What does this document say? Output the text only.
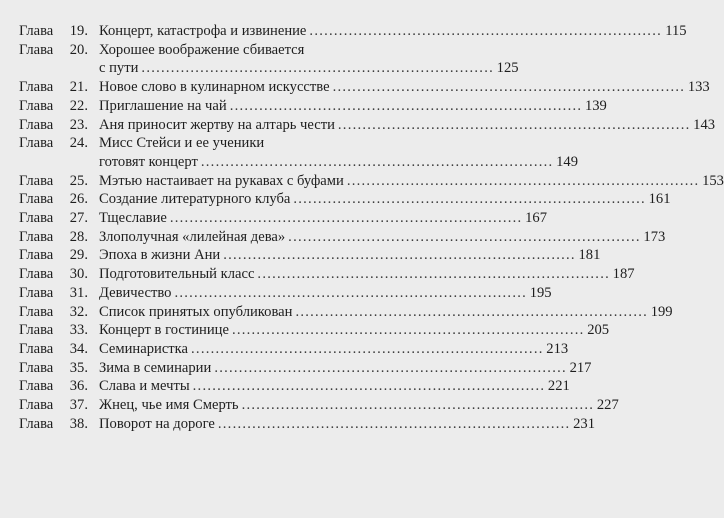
Глава	19. Концерт, катастрофа и извинение . . .	115
Глава	20. Хорошее воображение сбивается
с пути . . .	125
Глава	21. Новое слово в кулинарном искусстве . . .	133
Глава	22. Приглашение на чай . . .	139
Глава	23. Аня приносит жертву на алтарь чести . . .	143
Глава	24. Мисс Стейси и ее ученики
готовят концерт . . .	149
Глава	25. Мэтью настаивает на рукавах с буфами . . .	153
Глава	26. Создание литературного клуба . . .	161
Глава	27. Тщеславие . . .	167
Глава	28. Злополучная «лилейная дева» . . .	173
Глава	29. Эпоха в жизни Ани . . .	181
Глава	30. Подготовительный класс . . .	187
Глава	31. Девичество . . .	195
Глава	32. Список принятых опубликован . . .	199
Глава	33. Концерт в гостинице . . .	205
Глава	34. Семинаристка . . .	213
Глава	35. Зима в семинарии . . .	217
Глава	36. Слава и мечты . . .	221
Глава	37. Жнец, чье имя Смерть . . .	227
Глава	38. Поворот на дороге . . .	231
